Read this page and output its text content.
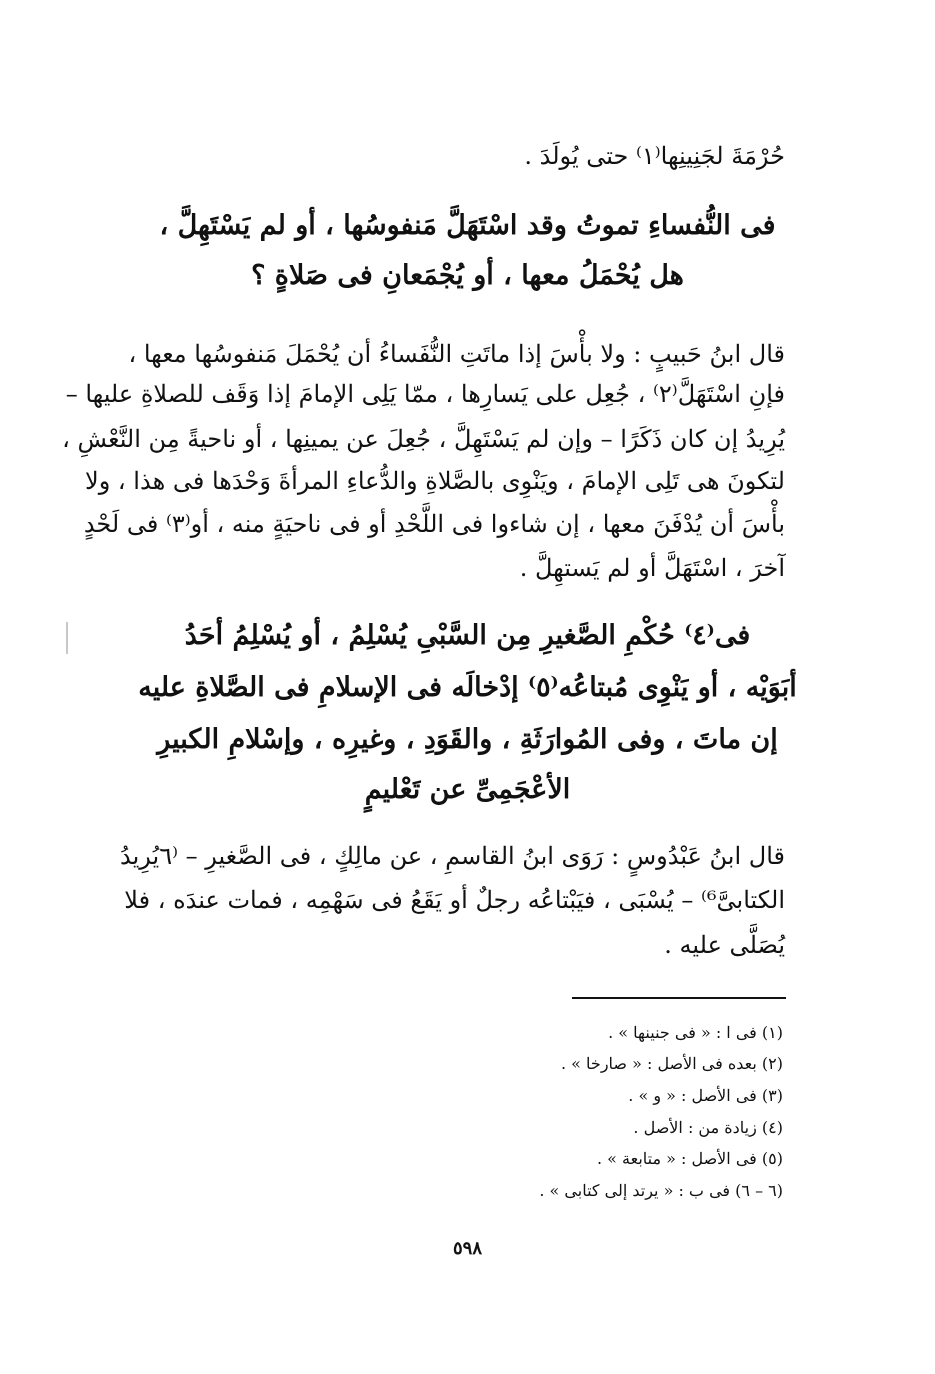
حُرْمَةَ لجَنِينِها⁽١⁾ حتى يُولَدَ .
فى النُّفساءِ تموتُ وقد اسْتَهَلَّ مَنفوسُها ، أو لم يَسْتَهِلَّ ،
هل يُحْمَلُ معها ، أو يُجْمَعانِ فى صَلاةٍ ؟
قال ابنُ حَبيبٍ : ولا بأْسَ إذا ماتَتِ النُّفَساءُ أن يُحْمَلَ مَنفوسُها معها ،
فإنِ اسْتَهَلَّ⁽٢⁾ ، جُعِل على يَسارِها ، ممّا يَلِى الإمامَ إذا وَقَف للصلاةِ عليها –
يُرِيدُ إن كان ذَكَرًا – وإن لم يَسْتَهِلَّ ، جُعِلَ عن يمينِها ، أو ناحيةً مِن النَّعْشِ ،
لتكونَ هى تَلِى الإمامَ ، ويَنْوِى بالصَّلاةِ والدُّعاءِ المرأةَ وَحْدَها فى هذا ، ولا
بأْسَ أن يُدْفَنَ معها ، إن شاءوا فى اللَّحْدِ أو فى ناحيَةٍ منه ، أو⁽٣⁾ فى لَحْدٍ
آخرَ ، اسْتَهَلَّ أو لم يَستهِلَّ .
فى⁽٤⁾ حُكْمِ الصَّغيرِ مِن السَّبْىِ يُسْلِمُ ، أو يُسْلِمُ أحَدُ
أبَوَيْه ، أو يَنْوِى مُبتاعُه⁽٥⁾ إدْخالَه فى الإسلامِ فى الصَّلاةِ عليه
إن ماتَ ، وفى المُوارَثَةِ ، والقَوَدِ ، وغيرِه ، وإسْلامِ الكبيرِ
الأعْجَمِىِّ عن تَعْليمٍ
قال ابنُ عَبْدُوسٍ : رَوَى ابنُ القاسمِ ، عن مالِكٍ ، فى الصَّغيرِ – ⁽٦يُرِيدُ
الكتابىَّ⁶⁾ – يُسْبَى ، فيَبْتاعُه رجلٌ أو يَقَعُ فى سَهْمِه ، فمات عندَه ، فلا
يُصَلَّى عليه .
(١) فى ا : « فى جنينها » .
(٢) بعده فى الأصل : « صارخا » .
(٣) فى الأصل : « و » .
(٤) زيادة من : الأصل .
(٥) فى الأصل : « متابعة » .
(٦ – ٦) فى ب : « يرتد إلى كتابى » .
٥٩٨
